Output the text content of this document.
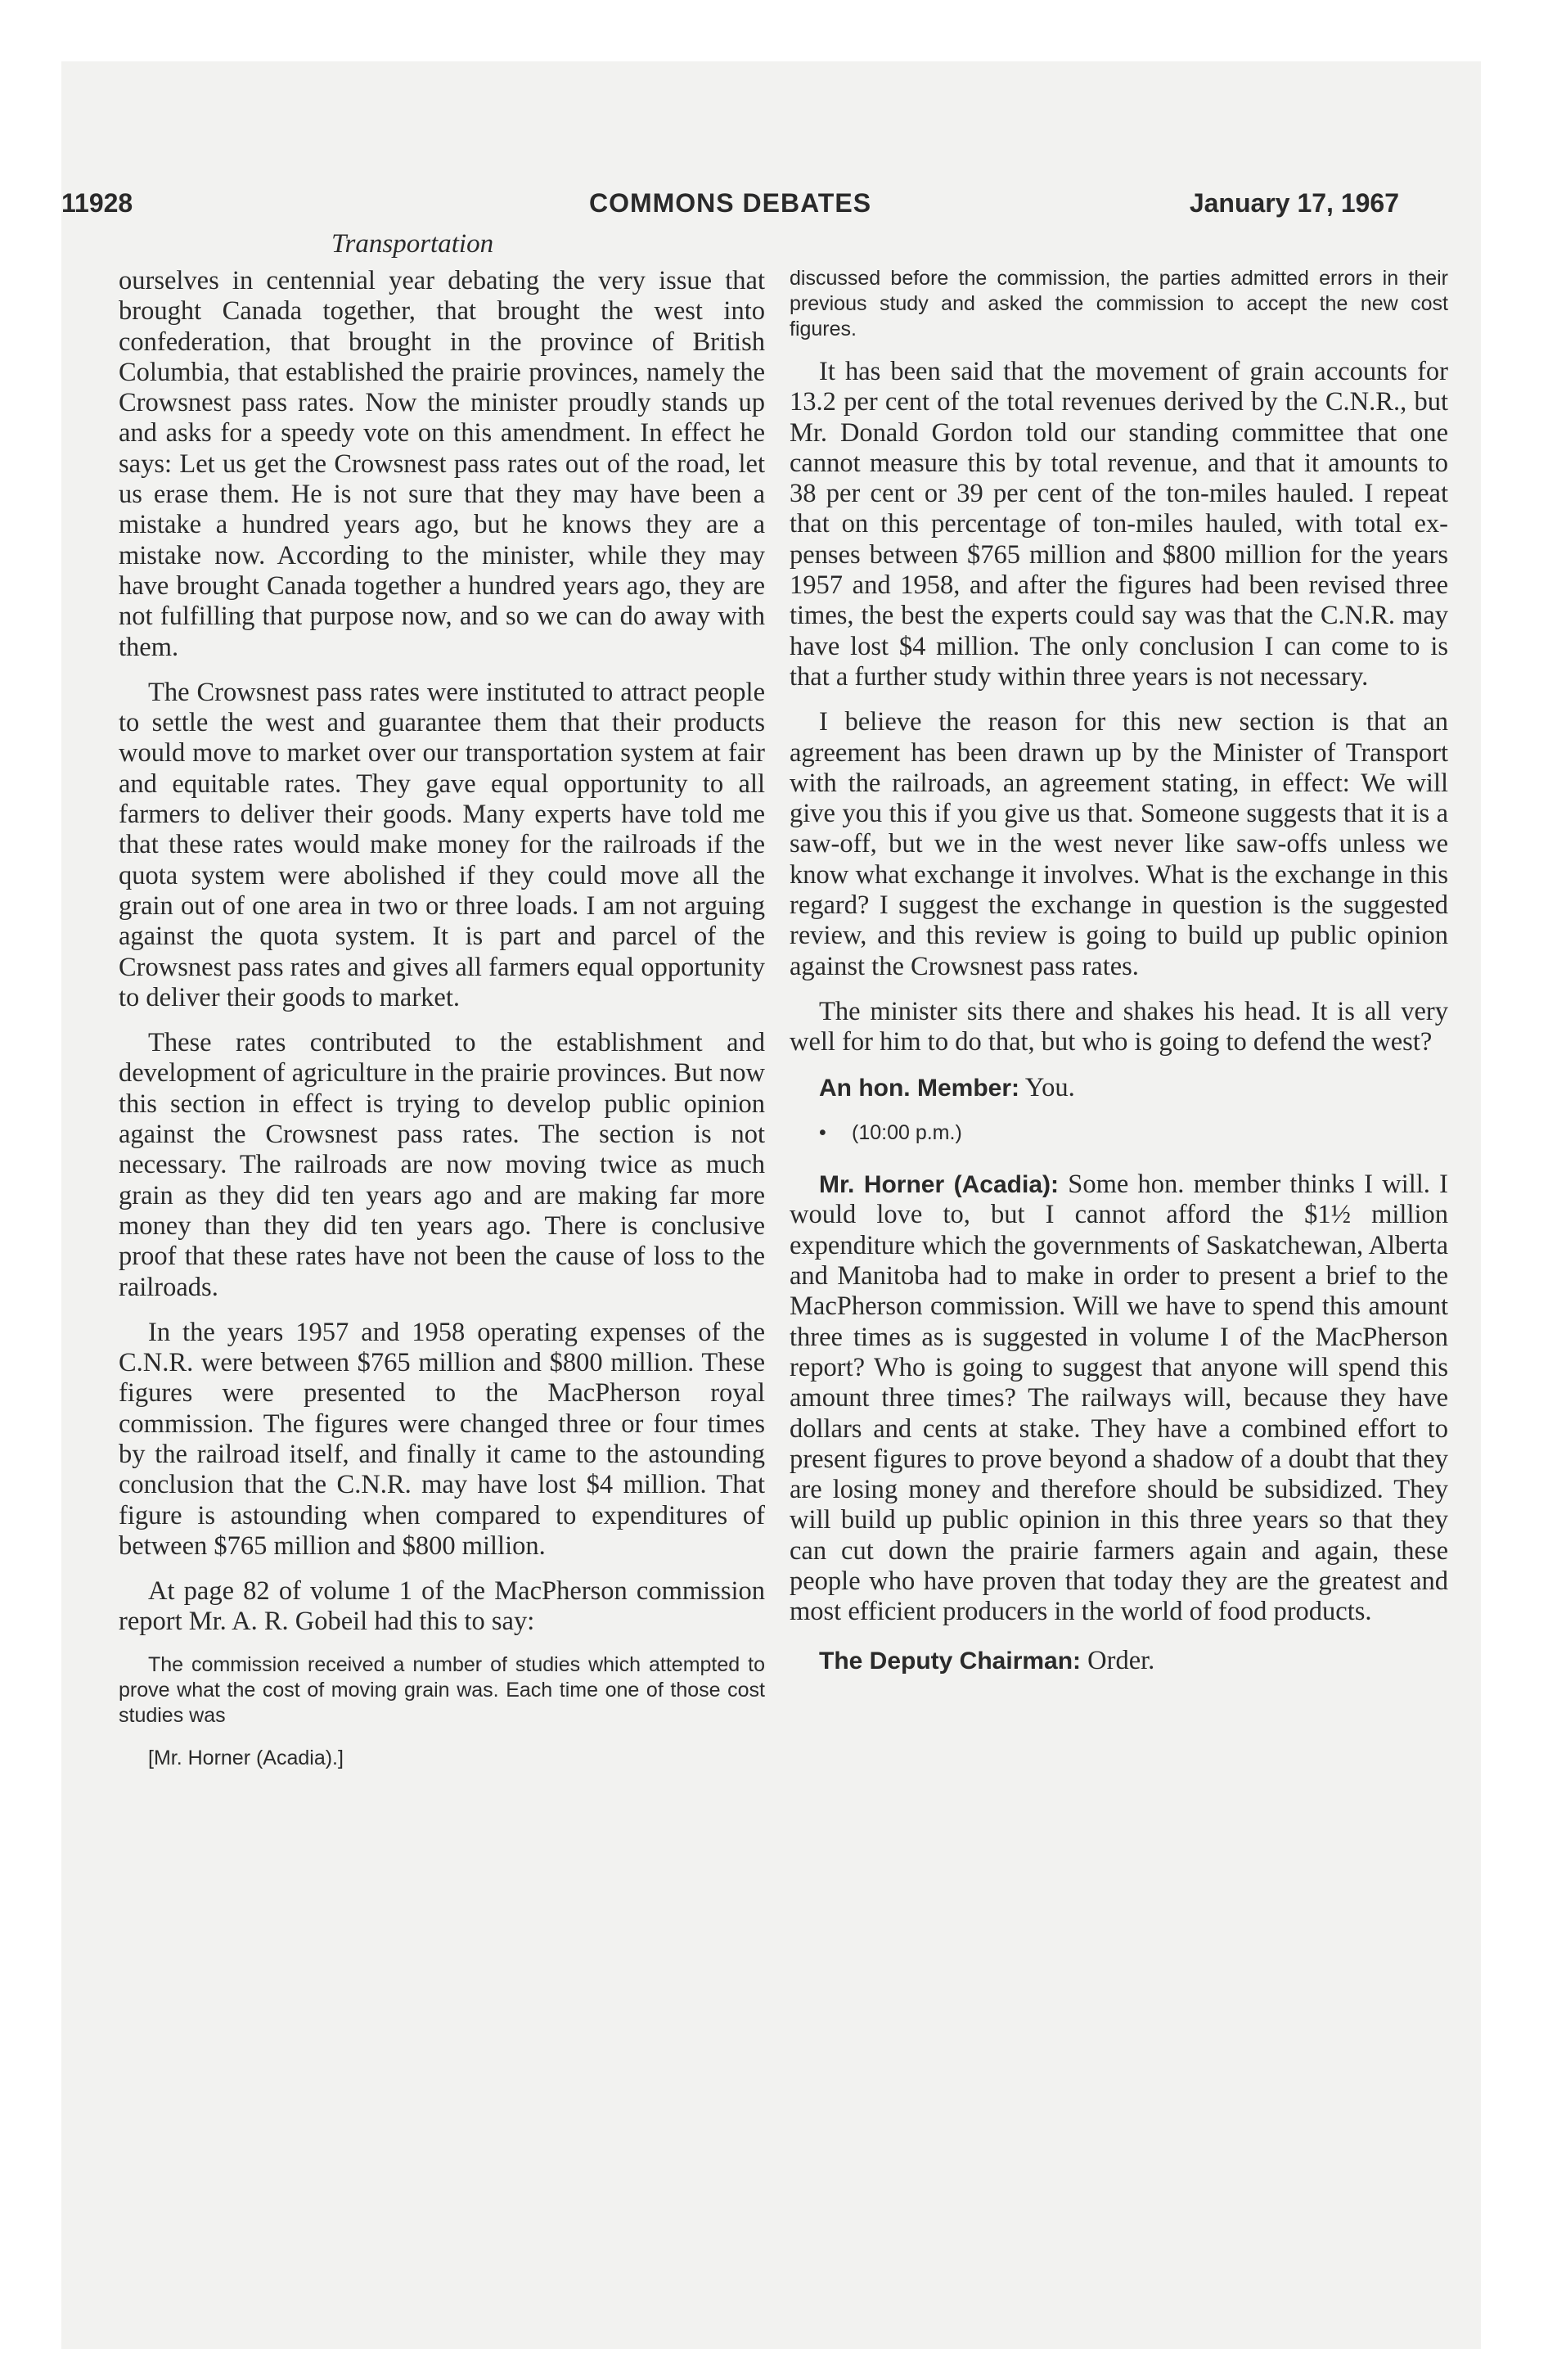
11928	COMMONS DEBATES	January 17, 1967
Transportation

ourselves in centennial year debating the very issue that brought Canada together, that brought the west into confederation, that brought in the province of British Columbia, that established the prairie provinces, namely the Crowsnest pass rates. Now the minister proudly stands up and asks for a speedy vote on this amendment. In effect he says: Let us get the Crowsnest pass rates out of the road, let us erase them. He is not sure that they may have been a mistake a hundred years ago, but he knows they are a mistake now. According to the minister, while they may have brought Canada together a hundred years ago, they are not fulfilling that purpose now, and so we can do away with them.

The Crowsnest pass rates were instituted to attract people to settle the west and guarantee them that their products would move to market over our transportation system at fair and equitable rates. They gave equal opportunity to all farmers to deliver their goods. Many experts have told me that these rates would make money for the railroads if the quota system were abolished if they could move all the grain out of one area in two or three loads. I am not arguing against the quota system. It is part and parcel of the Crowsnest pass rates and gives all farmers equal opportunity to deliver their goods to market.

These rates contributed to the establishment and development of agriculture in the prairie provinces. But now this section in effect is trying to develop public opinion against the Crowsnest pass rates. The section is not necessary. The railroads are now moving twice as much grain as they did ten years ago and are making far more money than they did ten years ago. There is conclusive proof that these rates have not been the cause of loss to the railroads.

In the years 1957 and 1958 operating expenses of the C.N.R. were between $765 million and $800 million. These figures were presented to the MacPherson royal commission. The figures were changed three or four times by the railroad itself, and finally it came to the astounding conclusion that the C.N.R. may have lost $4 million. That figure is astounding when compared to expenditures of between $765 million and $800 million.

At page 82 of volume 1 of the MacPherson commission report Mr. A. R. Gobeil had this to say:

The commission received a number of studies which attempted to prove what the cost of moving grain was. Each time one of those cost studies was

[Mr. Horner (Acadia).]

discussed before the commission, the parties admitted errors in their previous study and asked the commission to accept the new cost figures.

It has been said that the movement of grain accounts for 13.2 per cent of the total revenues derived by the C.N.R., but Mr. Donald Gordon told our standing committee that one cannot measure this by total revenue, and that it amounts to 38 per cent or 39 per cent of the ton-miles hauled. I repeat that on this percentage of ton-miles hauled, with total expenses between $765 million and $800 million for the years 1957 and 1958, and after the figures had been revised three times, the best the experts could say was that the C.N.R. may have lost $4 million. The only conclusion I can come to is that a further study within three years is not necessary.

I believe the reason for this new section is that an agreement has been drawn up by the Minister of Transport with the railroads, an agreement stating, in effect: We will give you this if you give us that. Someone suggests that it is a saw-off, but we in the west never like saw-offs unless we know what exchange it involves. What is the exchange in this regard? I suggest the exchange in question is the suggested review, and this review is going to build up public opinion against the Crowsnest pass rates.

The minister sits there and shakes his head. It is all very well for him to do that, but who is going to defend the west?

An hon. Member: You.

• (10:00 p.m.)

Mr. Horner (Acadia): Some hon. member thinks I will. I would love to, but I cannot afford the $1½ million expenditure which the governments of Saskatchewan, Alberta and Manitoba had to make in order to present a brief to the MacPherson commission. Will we have to spend this amount three times as is suggested in volume I of the MacPherson report? Who is going to suggest that anyone will spend this amount three times? The railways will, because they have dollars and cents at stake. They have a combined effort to present figures to prove beyond a shadow of a doubt that they are losing money and therefore should be subsidized. They will build up public opinion in this three years so that they can cut down the prairie farmers again and again, these people who have proven that today they are the greatest and most efficient producers in the world of food products.

The Deputy Chairman: Order.
